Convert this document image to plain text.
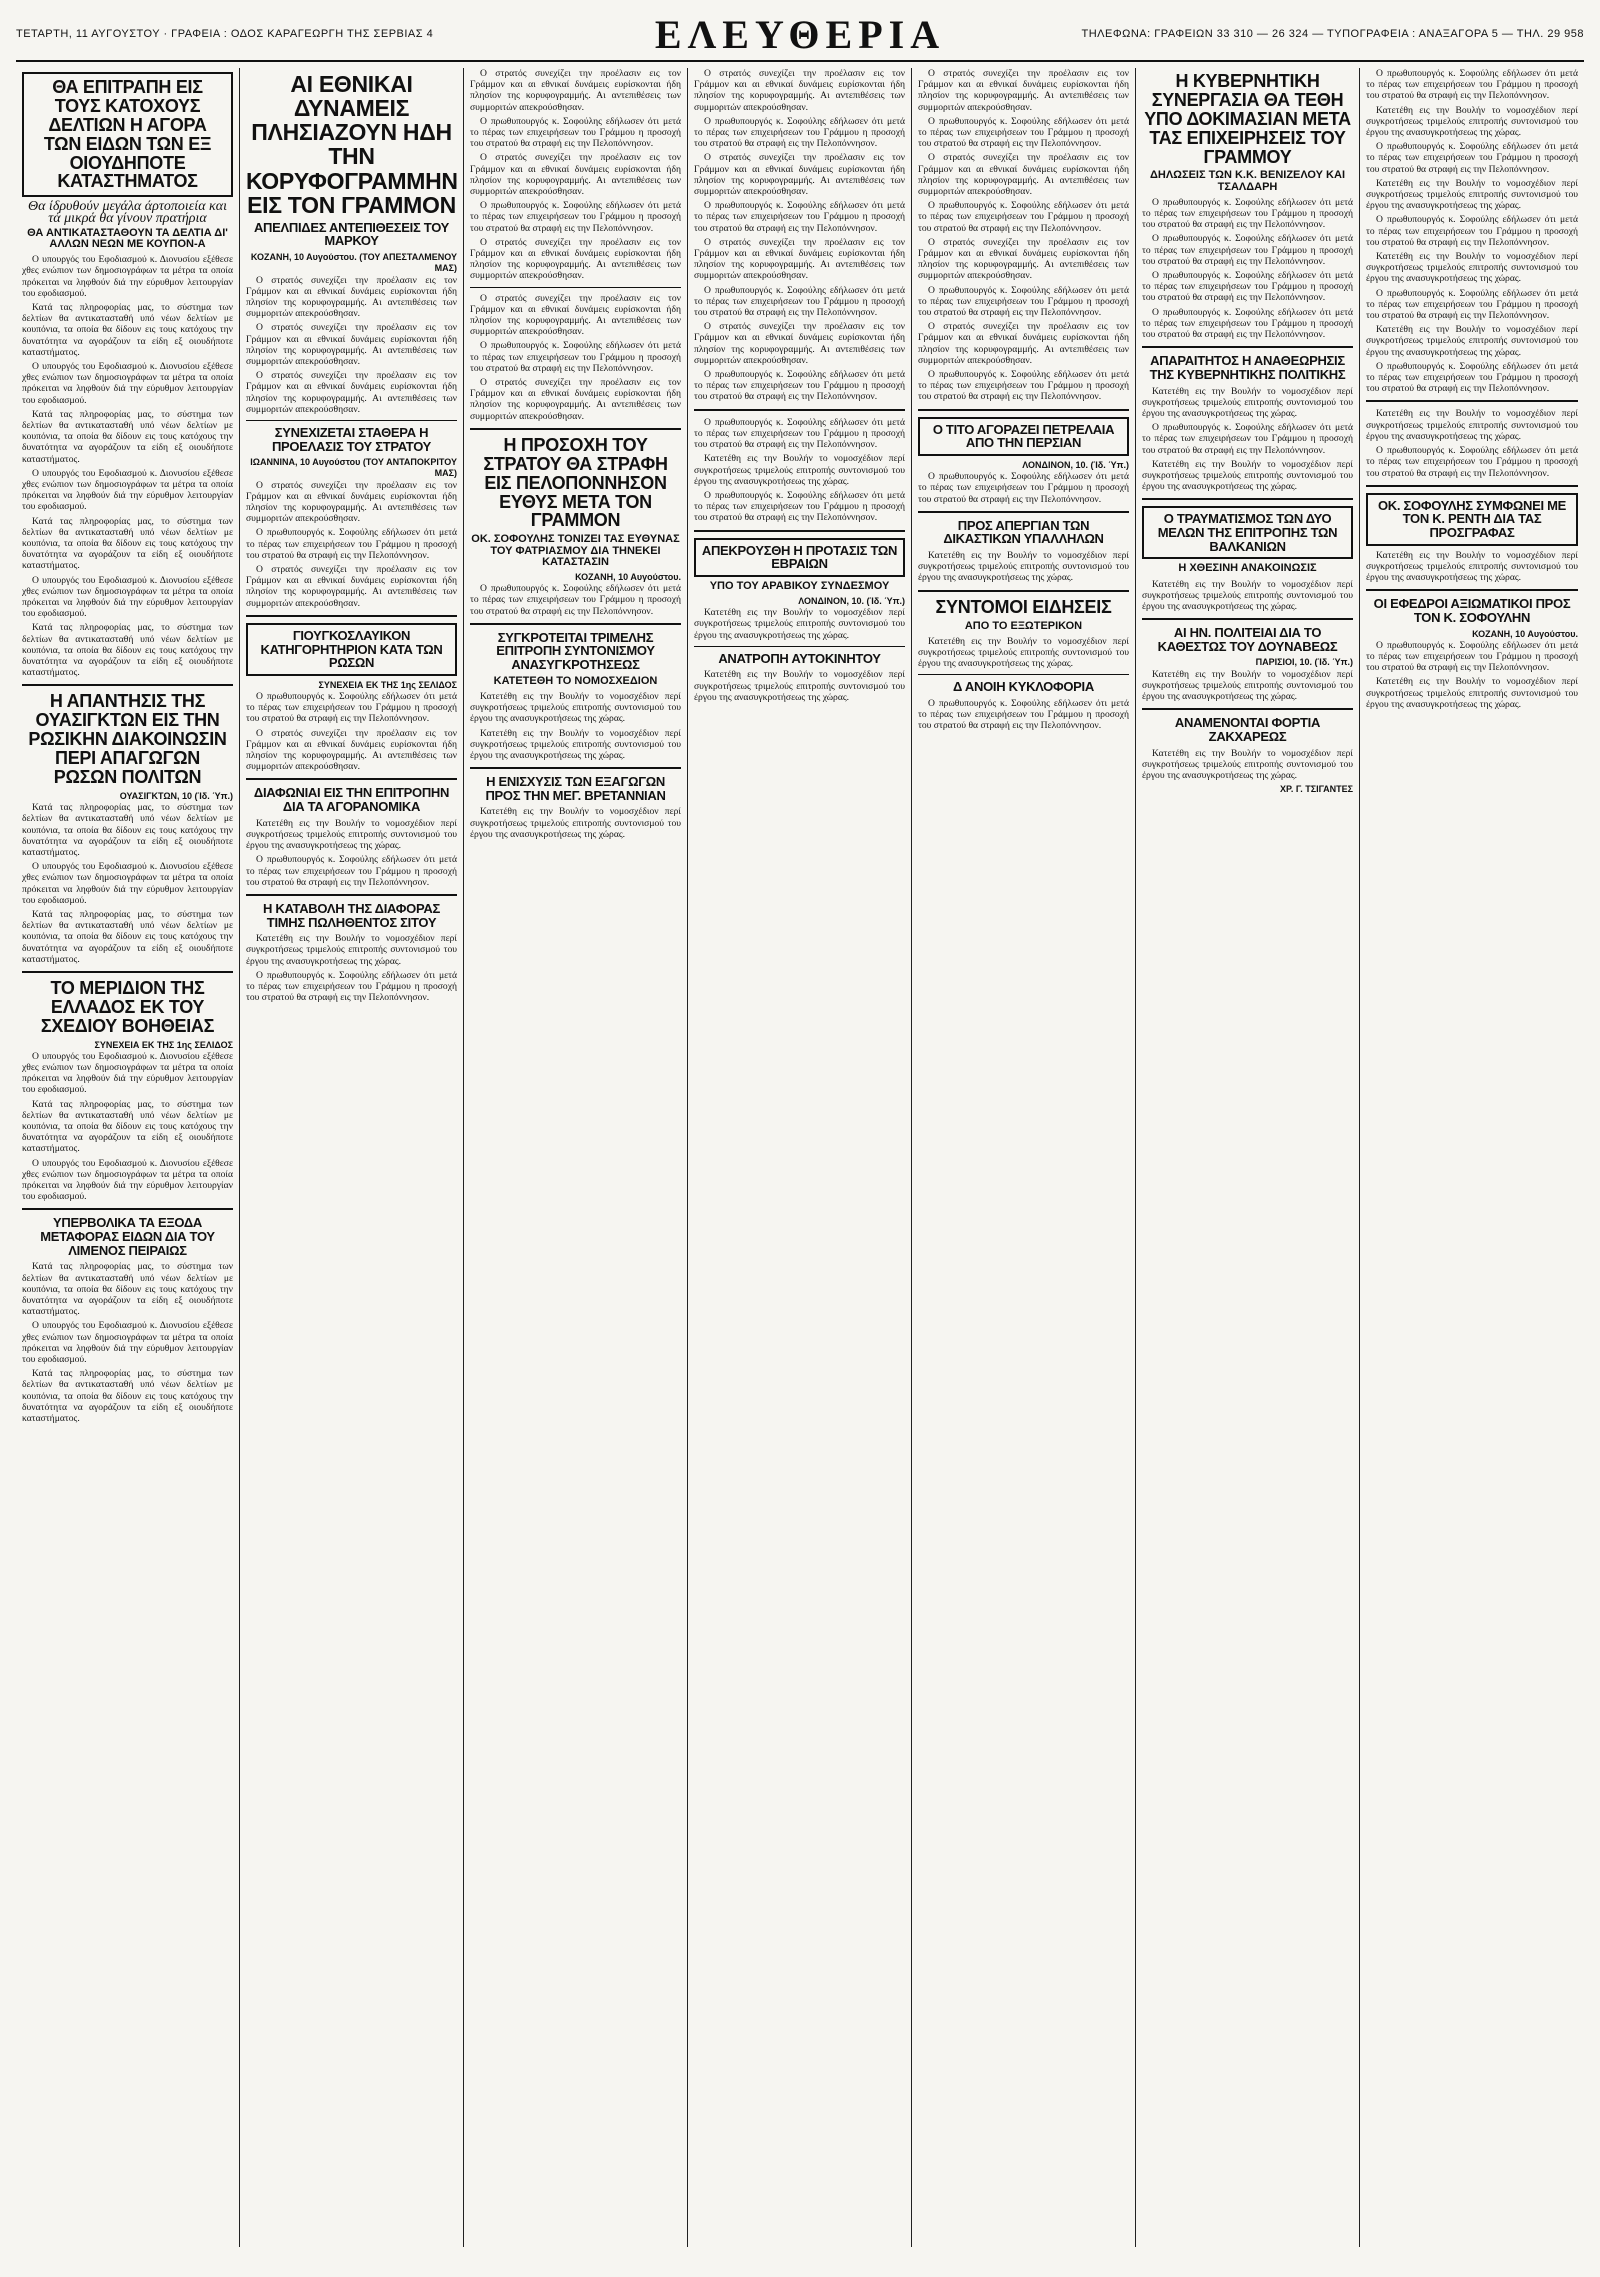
ΤΕΤΑΡΤΗ, 11 ΑΥΓΟΥΣΤΟΥ · ΓΡΑΦΕΙΑ : ΟΔΟΣ ΚΑΡΑΓΕΩΡΓΗ ΤΗΣ ΣΕΡΒΙΑΣ 4	ΕΛΕΥΘΕΡΙΑ	ΤΗΛΕΦΩΝΑ: ΓΡΑΦΕΙΩΝ 33 310 — 26 324 — ΤΥΠΟΓΡΑΦΕΙΑ : ΑΝΑΞΑΓΟΡΑ 5 — ΤΗΛ. 29 958
ΘΑ ΕΠΙΤΡΑΠΗ ΕΙΣ ΤΟΥΣ ΚΑΤΟΧΟΥΣ ΔΕΛΤΙΩΝ Η ΑΓΟΡΑ ΤΩΝ ΕΙΔΩΝ ΤΩΝ ΕΞ ΟΙΟΥΔΗΠΟΤΕ ΚΑΤΑΣΤΗΜΑΤΟΣ
Θα ίδρυθούν μεγάλα άρτοποιεία και τά μικρά θα γίνουν πρατήρια
ΘΑ ΑΝΤΙΚΑΤΑΣΤΑΘΟΥΝ ΤΑ ΔΕΛΤΙΑ ΔΙ' ΑΛΛΩΝ ΝΕΩΝ ΜΕ ΚΟΥΠΟΝ-Α

Ο υπουργός του Εφοδιασμού κ. Διονυσίου εξέθεσε χθες ενώπιον των δημοσιογράφων τα μέτρα τα οποία πρόκειται να ληφθούν διά την εύρυθμον λειτουργίαν του εφοδιασμού.

Κατά τας πληροφορίας μας, το σύστημα των δελτίων θα αντικατασταθή υπό νέων δελτίων με κουπόνια, τα οποία θα δίδουν εις τους κατόχους την δυνατότητα να αγοράζουν τα είδη εξ οιουδήποτε καταστήματος.

Ο υπουργός του Εφοδιασμού κ. Διονυσίου εξέθεσε χθες ενώπιον των δημοσιογράφων τα μέτρα τα οποία πρόκειται να ληφθούν διά την εύρυθμον λειτουργίαν του εφοδιασμού.

Κατά τας πληροφορίας μας, το σύστημα των δελτίων θα αντικατασταθή υπό νέων δελτίων με κουπόνια, τα οποία θα δίδουν εις τους κατόχους την δυνατότητα να αγοράζουν τα είδη εξ οιουδήποτε καταστήματος.

Ο υπουργός του Εφοδιασμού κ. Διονυσίου εξέθεσε χθες ενώπιον των δημοσιογράφων τα μέτρα τα οποία πρόκειται να ληφθούν διά την εύρυθμον λειτουργίαν του εφοδιασμού.

Κατά τας πληροφορίας μας, το σύστημα των δελτίων θα αντικατασταθή υπό νέων δελτίων με κουπόνια, τα οποία θα δίδουν εις τους κατόχους την δυνατότητα να αγοράζουν τα είδη εξ οιουδήποτε καταστήματος.

Ο υπουργός του Εφοδιασμού κ. Διονυσίου εξέθεσε χθες ενώπιον των δημοσιογράφων τα μέτρα τα οποία πρόκειται να ληφθούν διά την εύρυθμον λειτουργίαν του εφοδιασμού.

Κατά τας πληροφορίας μας, το σύστημα των δελτίων θα αντικατασταθή υπό νέων δελτίων με κουπόνια, τα οποία θα δίδουν εις τους κατόχους την δυνατότητα να αγοράζουν τα είδη εξ οιουδήποτε καταστήματος.

Η ΑΠΑΝΤΗΣΙΣ ΤΗΣ ΟΥΑΣΙΓΚΤΩΝ ΕΙΣ ΤΗΝ ΡΩΣΙΚΗΝ ΔΙΑΚΟΙΝΩΣΙΝ ΠΕΡΙ ΑΠΑΓΩΓΩΝ ΡΩΣΩΝ ΠΟΛΙΤΩΝ
ΟΥΑΣΙΓΚΤΩΝ, 10 (Ίδ. Ύπ.)

Κατά τας πληροφορίας μας, το σύστημα των δελτίων θα αντικατασταθή υπό νέων δελτίων με κουπόνια, τα οποία θα δίδουν εις τους κατόχους την δυνατότητα να αγοράζουν τα είδη εξ οιουδήποτε καταστήματος.

Ο υπουργός του Εφοδιασμού κ. Διονυσίου εξέθεσε χθες ενώπιον των δημοσιογράφων τα μέτρα τα οποία πρόκειται να ληφθούν διά την εύρυθμον λειτουργίαν του εφοδιασμού.

Κατά τας πληροφορίας μας, το σύστημα των δελτίων θα αντικατασταθή υπό νέων δελτίων με κουπόνια, τα οποία θα δίδουν εις τους κατόχους την δυνατότητα να αγοράζουν τα είδη εξ οιουδήποτε καταστήματος.

ΤΟ ΜΕΡΙΔΙΟΝ ΤΗΣ ΕΛΛΑΔΟΣ ΕΚ ΤΟΥ ΣΧΕΔΙΟΥ ΒΟΗΘΕΙΑΣ
ΣΥΝΕΧΕΙΑ ΕΚ ΤΗΣ 1ης ΣΕΛΙΔΟΣ

Ο υπουργός του Εφοδιασμού κ. Διονυσίου εξέθεσε χθες ενώπιον των δημοσιογράφων τα μέτρα τα οποία πρόκειται να ληφθούν διά την εύρυθμον λειτουργίαν του εφοδιασμού.

Κατά τας πληροφορίας μας, το σύστημα των δελτίων θα αντικατασταθή υπό νέων δελτίων με κουπόνια, τα οποία θα δίδουν εις τους κατόχους την δυνατότητα να αγοράζουν τα είδη εξ οιουδήποτε καταστήματος.

Ο υπουργός του Εφοδιασμού κ. Διονυσίου εξέθεσε χθες ενώπιον των δημοσιογράφων τα μέτρα τα οποία πρόκειται να ληφθούν διά την εύρυθμον λειτουργίαν του εφοδιασμού.

ΥΠΕΡΒΟΛΙΚΑ ΤΑ ΕΞΟΔΑ ΜΕΤΑΦΟΡΑΣ ΕΙΔΩΝ ΔΙΑ ΤΟΥ ΛΙΜΕΝΟΣ ΠΕΙΡΑΙΩΣ

Κατά τας πληροφορίας μας, το σύστημα των δελτίων θα αντικατασταθή υπό νέων δελτίων με κουπόνια, τα οποία θα δίδουν εις τους κατόχους την δυνατότητα να αγοράζουν τα είδη εξ οιουδήποτε καταστήματος.

Ο υπουργός του Εφοδιασμού κ. Διονυσίου εξέθεσε χθες ενώπιον των δημοσιογράφων τα μέτρα τα οποία πρόκειται να ληφθούν διά την εύρυθμον λειτουργίαν του εφοδιασμού.

Κατά τας πληροφορίας μας, το σύστημα των δελτίων θα αντικατασταθή υπό νέων δελτίων με κουπόνια, τα οποία θα δίδουν εις τους κατόχους την δυνατότητα να αγοράζουν τα είδη εξ οιουδήποτε καταστήματος.

ΑΙ ΕΘΝΙΚΑΙ ΔΥΝΑΜΕΙΣ ΠΛΗΣΙΑΖΟΥΝ ΗΔΗ ΤΗΝ ΚΟΡΥΦΟΓΡΑΜΜΗΝ ΕΙΣ ΤΟΝ ΓΡΑΜΜΟΝ
ΑΠΕΛΠΙΔΕΣ ΑΝΤΕΠΙΘΕΣΕΙΣ ΤΟΥ ΜΑΡΚΟΥ
ΚΟΖΑΝΗ, 10 Αυγούστου. (ΤΟΥ ΑΠΕΣΤΑΛΜΕΝΟΥ ΜΑΣ)

Ο στρατός συνεχίζει την προέλασιν εις τον Γράμμον και αι εθνικαί δυνάμεις ευρίσκονται ήδη πλησίον της κορυφογραμμής. Αι αντεπιθέσεις των συμμοριτών απεκρούσθησαν.

Ο στρατός συνεχίζει την προέλασιν εις τον Γράμμον και αι εθνικαί δυνάμεις ευρίσκονται ήδη πλησίον της κορυφογραμμής. Αι αντεπιθέσεις των συμμοριτών απεκρούσθησαν.

Ο στρατός συνεχίζει την προέλασιν εις τον Γράμμον και αι εθνικαί δυνάμεις ευρίσκονται ήδη πλησίον της κορυφογραμμής. Αι αντεπιθέσεις των συμμοριτών απεκρούσθησαν.

ΣΥΝΕΧΙΖΕΤΑΙ ΣΤΑΘΕΡΑ Η ΠΡΟΕΛΑΣΙΣ ΤΟΥ ΣΤΡΑΤΟΥ
ΙΩΑΝΝΙΝΑ, 10 Αυγούστου (ΤΟΥ ΑΝΤΑΠΟΚΡΙΤΟΥ ΜΑΣ)

Ο στρατός συνεχίζει την προέλασιν εις τον Γράμμον και αι εθνικαί δυνάμεις ευρίσκονται ήδη πλησίον της κορυφογραμμής. Αι αντεπιθέσεις των συμμοριτών απεκρούσθησαν.

Ο πρωθυπουργός κ. Σοφούλης εδήλωσεν ότι μετά το πέρας των επιχειρήσεων του Γράμμου η προσοχή του στρατού θα στραφή εις την Πελοπόννησον.

Ο στρατός συνεχίζει την προέλασιν εις τον Γράμμον και αι εθνικαί δυνάμεις ευρίσκονται ήδη πλησίον της κορυφογραμμής. Αι αντεπιθέσεις των συμμοριτών απεκρούσθησαν.

ΓΙΟΥΓΚΟΣΛΑΥΙΚΟΝ ΚΑΤΗΓΟΡΗΤΗΡΙΟΝ ΚΑΤΑ ΤΩΝ ΡΩΣΩΝ
ΣΥΝΕΧΕΙΑ ΕΚ ΤΗΣ 1ης ΣΕΛΙΔΟΣ

Ο πρωθυπουργός κ. Σοφούλης εδήλωσεν ότι μετά το πέρας των επιχειρήσεων του Γράμμου η προσοχή του στρατού θα στραφή εις την Πελοπόννησον.

Ο στρατός συνεχίζει την προέλασιν εις τον Γράμμον και αι εθνικαί δυνάμεις ευρίσκονται ήδη πλησίον της κορυφογραμμής. Αι αντεπιθέσεις των συμμοριτών απεκρούσθησαν.

ΔΙΑΦΩΝΙΑΙ ΕΙΣ ΤΗΝ ΕΠΙΤΡΟΠΗΝ ΔΙΑ ΤΑ ΑΓΟΡΑΝΟΜΙΚΑ

Κατετέθη εις την Βουλήν το νομοσχέδιον περί συγκροτήσεως τριμελούς επιτροπής συντονισμού του έργου της ανασυγκροτήσεως της χώρας.

Ο πρωθυπουργός κ. Σοφούλης εδήλωσεν ότι μετά το πέρας των επιχειρήσεων του Γράμμου η προσοχή του στρατού θα στραφή εις την Πελοπόννησον.

Η ΚΑΤΑΒΟΛΗ ΤΗΣ ΔΙΑΦΟΡΑΣ ΤΙΜΗΣ ΠΩΛΗΘΕΝΤΟΣ ΣΙΤΟΥ

Κατετέθη εις την Βουλήν το νομοσχέδιον περί συγκροτήσεως τριμελούς επιτροπής συντονισμού του έργου της ανασυγκροτήσεως της χώρας.

Ο πρωθυπουργός κ. Σοφούλης εδήλωσεν ότι μετά το πέρας των επιχειρήσεων του Γράμμου η προσοχή του στρατού θα στραφή εις την Πελοπόννησον.

Ο στρατός συνεχίζει την προέλασιν εις τον Γράμμον και αι εθνικαί δυνάμεις ευρίσκονται ήδη πλησίον της κορυφογραμμής. Αι αντεπιθέσεις των συμμοριτών απεκρούσθησαν.

Ο πρωθυπουργός κ. Σοφούλης εδήλωσεν ότι μετά το πέρας των επιχειρήσεων του Γράμμου η προσοχή του στρατού θα στραφή εις την Πελοπόννησον.

Ο στρατός συνεχίζει την προέλασιν εις τον Γράμμον και αι εθνικαί δυνάμεις ευρίσκονται ήδη πλησίον της κορυφογραμμής. Αι αντεπιθέσεις των συμμοριτών απεκρούσθησαν.

Ο πρωθυπουργός κ. Σοφούλης εδήλωσεν ότι μετά το πέρας των επιχειρήσεων του Γράμμου η προσοχή του στρατού θα στραφή εις την Πελοπόννησον.

Ο στρατός συνεχίζει την προέλασιν εις τον Γράμμον και αι εθνικαί δυνάμεις ευρίσκονται ήδη πλησίον της κορυφογραμμής. Αι αντεπιθέσεις των συμμοριτών απεκρούσθησαν.

Ο στρατός συνεχίζει την προέλασιν εις τον Γράμμον και αι εθνικαί δυνάμεις ευρίσκονται ήδη πλησίον της κορυφογραμμής. Αι αντεπιθέσεις των συμμοριτών απεκρούσθησαν.

Ο πρωθυπουργός κ. Σοφούλης εδήλωσεν ότι μετά το πέρας των επιχειρήσεων του Γράμμου η προσοχή του στρατού θα στραφή εις την Πελοπόννησον.

Ο στρατός συνεχίζει την προέλασιν εις τον Γράμμον και αι εθνικαί δυνάμεις ευρίσκονται ήδη πλησίον της κορυφογραμμής. Αι αντεπιθέσεις των συμμοριτών απεκρούσθησαν.

Η ΠΡΟΣΟΧΗ ΤΟΥ ΣΤΡΑΤΟΥ ΘΑ ΣΤΡΑΦΗ ΕΙΣ ΠΕΛΟΠΟΝΝΗΣΟΝ ΕΥΘΥΣ ΜΕΤΑ ΤΟΝ ΓΡΑΜΜΟΝ
ΟΚ. ΣΟΦΟΥΛΗΣ ΤΟΝΙΖΕΙ ΤΑΣ ΕΥΘΥΝΑΣ ΤΟΥ ΦΑΤΡΙΑΣΜΟΥ ΔΙΑ ΤΗΝΕΚΕΙ ΚΑΤΑΣΤΑΣΙΝ
ΚΟΖΑΝΗ, 10 Αυγούστου.

Ο πρωθυπουργός κ. Σοφούλης εδήλωσεν ότι μετά το πέρας των επιχειρήσεων του Γράμμου η προσοχή του στρατού θα στραφή εις την Πελοπόννησον.

ΣΥΓΚΡΟΤΕΙΤΑΙ ΤΡΙΜΕΛΗΣ ΕΠΙΤΡΟΠΗ ΣΥΝΤΟΝΙΣΜΟΥ ΑΝΑΣΥΓΚΡΟΤΗΣΕΩΣ
ΚΑΤΕΤΕΘΗ ΤΟ ΝΟΜΟΣΧΕΔΙΟΝ

Κατετέθη εις την Βουλήν το νομοσχέδιον περί συγκροτήσεως τριμελούς επιτροπής συντονισμού του έργου της ανασυγκροτήσεως της χώρας.

Κατετέθη εις την Βουλήν το νομοσχέδιον περί συγκροτήσεως τριμελούς επιτροπής συντονισμού του έργου της ανασυγκροτήσεως της χώρας.

Η ΕΝΙΣΧΥΣΙΣ ΤΩΝ ΕΞΑΓΩΓΩΝ ΠΡΟΣ ΤΗΝ ΜΕΓ. ΒΡΕΤΑΝΝΙΑΝ

Κατετέθη εις την Βουλήν το νομοσχέδιον περί συγκροτήσεως τριμελούς επιτροπής συντονισμού του έργου της ανασυγκροτήσεως της χώρας.

Ο στρατός συνεχίζει την προέλασιν εις τον Γράμμον και αι εθνικαί δυνάμεις ευρίσκονται ήδη πλησίον της κορυφογραμμής. Αι αντεπιθέσεις των συμμοριτών απεκρούσθησαν.

Ο πρωθυπουργός κ. Σοφούλης εδήλωσεν ότι μετά το πέρας των επιχειρήσεων του Γράμμου η προσοχή του στρατού θα στραφή εις την Πελοπόννησον.

Ο στρατός συνεχίζει την προέλασιν εις τον Γράμμον και αι εθνικαί δυνάμεις ευρίσκονται ήδη πλησίον της κορυφογραμμής. Αι αντεπιθέσεις των συμμοριτών απεκρούσθησαν.

Ο πρωθυπουργός κ. Σοφούλης εδήλωσεν ότι μετά το πέρας των επιχειρήσεων του Γράμμου η προσοχή του στρατού θα στραφή εις την Πελοπόννησον.

Ο στρατός συνεχίζει την προέλασιν εις τον Γράμμον και αι εθνικαί δυνάμεις ευρίσκονται ήδη πλησίον της κορυφογραμμής. Αι αντεπιθέσεις των συμμοριτών απεκρούσθησαν.

Ο πρωθυπουργός κ. Σοφούλης εδήλωσεν ότι μετά το πέρας των επιχειρήσεων του Γράμμου η προσοχή του στρατού θα στραφή εις την Πελοπόννησον.

Ο στρατός συνεχίζει την προέλασιν εις τον Γράμμον και αι εθνικαί δυνάμεις ευρίσκονται ήδη πλησίον της κορυφογραμμής. Αι αντεπιθέσεις των συμμοριτών απεκρούσθησαν.

Ο πρωθυπουργός κ. Σοφούλης εδήλωσεν ότι μετά το πέρας των επιχειρήσεων του Γράμμου η προσοχή του στρατού θα στραφή εις την Πελοπόννησον.

Ο πρωθυπουργός κ. Σοφούλης εδήλωσεν ότι μετά το πέρας των επιχειρήσεων του Γράμμου η προσοχή του στρατού θα στραφή εις την Πελοπόννησον.

Κατετέθη εις την Βουλήν το νομοσχέδιον περί συγκροτήσεως τριμελούς επιτροπής συντονισμού του έργου της ανασυγκροτήσεως της χώρας.

Ο πρωθυπουργός κ. Σοφούλης εδήλωσεν ότι μετά το πέρας των επιχειρήσεων του Γράμμου η προσοχή του στρατού θα στραφή εις την Πελοπόννησον.

ΑΠΕΚΡΟΥΣΘΗ Η ΠΡΟΤΑΣΙΣ ΤΩΝ ΕΒΡΑΙΩΝ
ΥΠΟ ΤΟΥ ΑΡΑΒΙΚΟΥ ΣΥΝΔΕΣΜΟΥ
ΛΟΝΔΙΝΟΝ, 10. (Ίδ. Ύπ.)

Κατετέθη εις την Βουλήν το νομοσχέδιον περί συγκροτήσεως τριμελούς επιτροπής συντονισμού του έργου της ανασυγκροτήσεως της χώρας.

ΑΝΑΤΡΟΠΗ ΑΥΤΟΚΙΝΗΤΟΥ

Κατετέθη εις την Βουλήν το νομοσχέδιον περί συγκροτήσεως τριμελούς επιτροπής συντονισμού του έργου της ανασυγκροτήσεως της χώρας.

Ο στρατός συνεχίζει την προέλασιν εις τον Γράμμον και αι εθνικαί δυνάμεις ευρίσκονται ήδη πλησίον της κορυφογραμμής. Αι αντεπιθέσεις των συμμοριτών απεκρούσθησαν.

Ο πρωθυπουργός κ. Σοφούλης εδήλωσεν ότι μετά το πέρας των επιχειρήσεων του Γράμμου η προσοχή του στρατού θα στραφή εις την Πελοπόννησον.

Ο στρατός συνεχίζει την προέλασιν εις τον Γράμμον και αι εθνικαί δυνάμεις ευρίσκονται ήδη πλησίον της κορυφογραμμής. Αι αντεπιθέσεις των συμμοριτών απεκρούσθησαν.

Ο πρωθυπουργός κ. Σοφούλης εδήλωσεν ότι μετά το πέρας των επιχειρήσεων του Γράμμου η προσοχή του στρατού θα στραφή εις την Πελοπόννησον.

Ο στρατός συνεχίζει την προέλασιν εις τον Γράμμον και αι εθνικαί δυνάμεις ευρίσκονται ήδη πλησίον της κορυφογραμμής. Αι αντεπιθέσεις των συμμοριτών απεκρούσθησαν.

Ο πρωθυπουργός κ. Σοφούλης εδήλωσεν ότι μετά το πέρας των επιχειρήσεων του Γράμμου η προσοχή του στρατού θα στραφή εις την Πελοπόννησον.

Ο στρατός συνεχίζει την προέλασιν εις τον Γράμμον και αι εθνικαί δυνάμεις ευρίσκονται ήδη πλησίον της κορυφογραμμής. Αι αντεπιθέσεις των συμμοριτών απεκρούσθησαν.

Ο πρωθυπουργός κ. Σοφούλης εδήλωσεν ότι μετά το πέρας των επιχειρήσεων του Γράμμου η προσοχή του στρατού θα στραφή εις την Πελοπόννησον.

Ο ΤΙΤΟ ΑΓΟΡΑΖΕΙ ΠΕΤΡΕΛΑΙΑ ΑΠΟ ΤΗΝ ΠΕΡΣΙΑΝ
ΛΟΝΔΙΝΟΝ, 10. (Ίδ. Ύπ.)

Ο πρωθυπουργός κ. Σοφούλης εδήλωσεν ότι μετά το πέρας των επιχειρήσεων του Γράμμου η προσοχή του στρατού θα στραφή εις την Πελοπόννησον.

ΠΡΟΣ ΑΠΕΡΓΙΑΝ ΤΩΝ ΔΙΚΑΣΤΙΚΩΝ ΥΠΑΛΛΗΛΩΝ

Κατετέθη εις την Βουλήν το νομοσχέδιον περί συγκροτήσεως τριμελούς επιτροπής συντονισμού του έργου της ανασυγκροτήσεως της χώρας.

ΣΥΝΤΟΜΟΙ ΕΙΔΗΣΕΙΣ
ΑΠΟ ΤΟ ΕΞΩΤΕΡΙΚΟΝ

Κατετέθη εις την Βουλήν το νομοσχέδιον περί συγκροτήσεως τριμελούς επιτροπής συντονισμού του έργου της ανασυγκροτήσεως της χώρας.

Δ ΑΝΟΙΗ ΚΥΚΛΟΦΟΡΙΑ

Ο πρωθυπουργός κ. Σοφούλης εδήλωσεν ότι μετά το πέρας των επιχειρήσεων του Γράμμου η προσοχή του στρατού θα στραφή εις την Πελοπόννησον.

Η ΚΥΒΕΡΝΗΤΙΚΗ ΣΥΝΕΡΓΑΣΙΑ ΘΑ ΤΕΘΗ ΥΠΟ ΔΟΚΙΜΑΣΙΑΝ ΜΕΤΑ ΤΑΣ ΕΠΙΧΕΙΡΗΣΕΙΣ ΤΟΥ ΓΡΑΜΜΟΥ
ΔΗΛΩΣΕΙΣ ΤΩΝ Κ.Κ. ΒΕΝΙΖΕΛΟΥ ΚΑΙ ΤΣΑΛΔΑΡΗ

Ο πρωθυπουργός κ. Σοφούλης εδήλωσεν ότι μετά το πέρας των επιχειρήσεων του Γράμμου η προσοχή του στρατού θα στραφή εις την Πελοπόννησον.

Ο πρωθυπουργός κ. Σοφούλης εδήλωσεν ότι μετά το πέρας των επιχειρήσεων του Γράμμου η προσοχή του στρατού θα στραφή εις την Πελοπόννησον.

Ο πρωθυπουργός κ. Σοφούλης εδήλωσεν ότι μετά το πέρας των επιχειρήσεων του Γράμμου η προσοχή του στρατού θα στραφή εις την Πελοπόννησον.

Ο πρωθυπουργός κ. Σοφούλης εδήλωσεν ότι μετά το πέρας των επιχειρήσεων του Γράμμου η προσοχή του στρατού θα στραφή εις την Πελοπόννησον.

ΑΠΑΡΑΙΤΗΤΟΣ Η ΑΝΑΘΕΩΡΗΣΙΣ ΤΗΣ ΚΥΒΕΡΝΗΤΙΚΗΣ ΠΟΛΙΤΙΚΗΣ

Κατετέθη εις την Βουλήν το νομοσχέδιον περί συγκροτήσεως τριμελούς επιτροπής συντονισμού του έργου της ανασυγκροτήσεως της χώρας.

Ο πρωθυπουργός κ. Σοφούλης εδήλωσεν ότι μετά το πέρας των επιχειρήσεων του Γράμμου η προσοχή του στρατού θα στραφή εις την Πελοπόννησον.

Κατετέθη εις την Βουλήν το νομοσχέδιον περί συγκροτήσεως τριμελούς επιτροπής συντονισμού του έργου της ανασυγκροτήσεως της χώρας.

Ο ΤΡΑΥΜΑΤΙΣΜΟΣ ΤΩΝ ΔΥΟ ΜΕΛΩΝ ΤΗΣ ΕΠΙΤΡΟΠΗΣ ΤΩΝ ΒΑΛΚΑΝΙΩΝ
Η ΧΘΕΣΙΝΗ ΑΝΑΚΟΙΝΩΣΙΣ

Κατετέθη εις την Βουλήν το νομοσχέδιον περί συγκροτήσεως τριμελούς επιτροπής συντονισμού του έργου της ανασυγκροτήσεως της χώρας.

ΑΙ ΗΝ. ΠΟΛΙΤΕΙΑΙ ΔΙΑ ΤΟ ΚΑΘΕΣΤΩΣ ΤΟΥ ΔΟΥΝΑΒΕΩΣ
ΠΑΡΙΣΙΟΙ, 10. (Ίδ. Ύπ.)

Κατετέθη εις την Βουλήν το νομοσχέδιον περί συγκροτήσεως τριμελούς επιτροπής συντονισμού του έργου της ανασυγκροτήσεως της χώρας.

ΑΝΑΜΕΝΟΝΤΑΙ ΦΟΡΤΙΑ ΖΑΚΧΑΡΕΩΣ

Κατετέθη εις την Βουλήν το νομοσχέδιον περί συγκροτήσεως τριμελούς επιτροπής συντονισμού του έργου της ανασυγκροτήσεως της χώρας.

ΧΡ. Γ. ΤΣΙΓΑΝΤΕΣ

Ο πρωθυπουργός κ. Σοφούλης εδήλωσεν ότι μετά το πέρας των επιχειρήσεων του Γράμμου η προσοχή του στρατού θα στραφή εις την Πελοπόννησον.

Κατετέθη εις την Βουλήν το νομοσχέδιον περί συγκροτήσεως τριμελούς επιτροπής συντονισμού του έργου της ανασυγκροτήσεως της χώρας.

Ο πρωθυπουργός κ. Σοφούλης εδήλωσεν ότι μετά το πέρας των επιχειρήσεων του Γράμμου η προσοχή του στρατού θα στραφή εις την Πελοπόννησον.

Κατετέθη εις την Βουλήν το νομοσχέδιον περί συγκροτήσεως τριμελούς επιτροπής συντονισμού του έργου της ανασυγκροτήσεως της χώρας.

Ο πρωθυπουργός κ. Σοφούλης εδήλωσεν ότι μετά το πέρας των επιχειρήσεων του Γράμμου η προσοχή του στρατού θα στραφή εις την Πελοπόννησον.

Κατετέθη εις την Βουλήν το νομοσχέδιον περί συγκροτήσεως τριμελούς επιτροπής συντονισμού του έργου της ανασυγκροτήσεως της χώρας.

Ο πρωθυπουργός κ. Σοφούλης εδήλωσεν ότι μετά το πέρας των επιχειρήσεων του Γράμμου η προσοχή του στρατού θα στραφή εις την Πελοπόννησον.

Κατετέθη εις την Βουλήν το νομοσχέδιον περί συγκροτήσεως τριμελούς επιτροπής συντονισμού του έργου της ανασυγκροτήσεως της χώρας.

Ο πρωθυπουργός κ. Σοφούλης εδήλωσεν ότι μετά το πέρας των επιχειρήσεων του Γράμμου η προσοχή του στρατού θα στραφή εις την Πελοπόννησον.

Κατετέθη εις την Βουλήν το νομοσχέδιον περί συγκροτήσεως τριμελούς επιτροπής συντονισμού του έργου της ανασυγκροτήσεως της χώρας.

Ο πρωθυπουργός κ. Σοφούλης εδήλωσεν ότι μετά το πέρας των επιχειρήσεων του Γράμμου η προσοχή του στρατού θα στραφή εις την Πελοπόννησον.

ΟΚ. ΣΟΦΟΥΛΗΣ ΣΥΜΦΩΝΕΙ ΜΕ ΤΟΝ Κ. ΡΕΝΤΗ ΔΙΑ ΤΑΣ ΠΡΟΣΓΡΑΦΑΣ

Κατετέθη εις την Βουλήν το νομοσχέδιον περί συγκροτήσεως τριμελούς επιτροπής συντονισμού του έργου της ανασυγκροτήσεως της χώρας.

ΟΙ ΕΦΕΔΡΟΙ ΑΞΙΩΜΑΤΙΚΟΙ ΠΡΟΣ ΤΟΝ Κ. ΣΟΦΟΥΛΗΝ
ΚΟΖΑΝΗ, 10 Αυγούστου.

Ο πρωθυπουργός κ. Σοφούλης εδήλωσεν ότι μετά το πέρας των επιχειρήσεων του Γράμμου η προσοχή του στρατού θα στραφή εις την Πελοπόννησον.

Κατετέθη εις την Βουλήν το νομοσχέδιον περί συγκροτήσεως τριμελούς επιτροπής συντονισμού του έργου της ανασυγκροτήσεως της χώρας.
